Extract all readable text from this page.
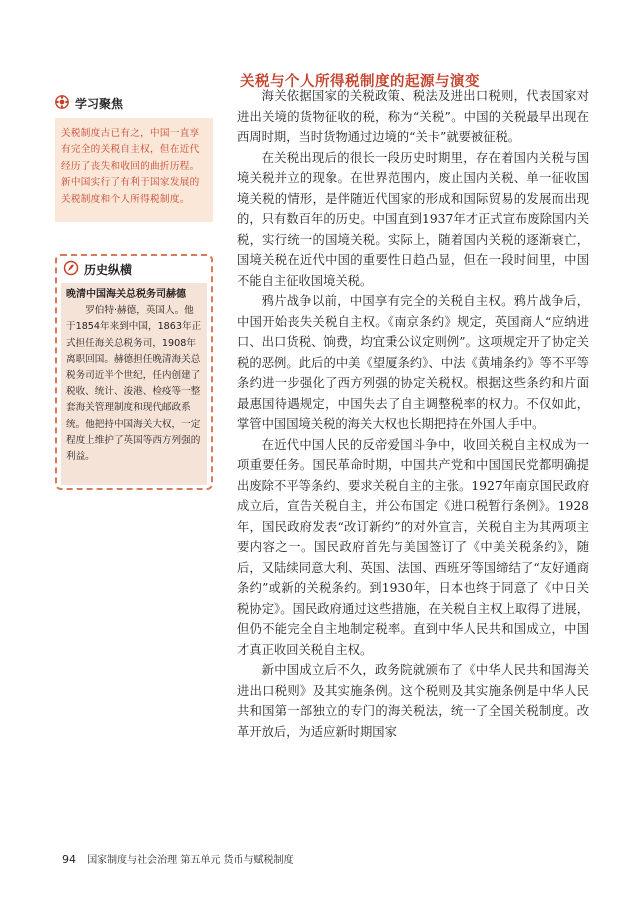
关税与个人所得税制度的起源与演变
学习聚焦
关税制度古已有之，中国一直享有完全的关税自主权，但在近代经历了丧失和收回的曲折历程。新中国实行了有利于国家发展的关税制度和个人所得税制度。
历史纵横
晚清中国海关总税务司赫德
罗伯特·赫德，英国人。他于1854年来到中国，1863年正式担任海关总税务司，1908年离职回国。赫德担任晚清海关总税务司近半个世纪，任内创建了税收、统计、浚港、检疫等一整套海关管理制度和现代邮政系统。他把持中国海关大权，一定程度上维护了英国等西方列强的利益。

海关依据国家的关税政策、税法及进出口税则，代表国家对进出关境的货物征收的税，称为“关税”。中国的关税最早出现在西周时期，当时货物通过边境的“关卡”就要被征税。

在关税出现后的很长一段历史时期里，存在着国内关税与国境关税并立的现象。在世界范围内，废止国内关税、单一征收国境关税的情形，是伴随近代国家的形成和国际贸易的发展而出现的，只有数百年的历史。中国直到1937年才正式宣布废除国内关税，实行统一的国境关税。实际上，随着国内关税的逐渐衰亡，国境关税在近代中国的重要性日趋凸显，但在一段时间里，中国不能自主征收国境关税。

鸦片战争以前，中国享有完全的关税自主权。鸦片战争后，中国开始丧失关税自主权。《南京条约》规定，英国商人“应纳进口、出口货税、饷费，均宜秉公议定则例”。这项规定开了协定关税的恶例。此后的中美《望厦条约》、中法《黄埔条约》等不平等条约进一步强化了西方列强的协定关税权。根据这些条约和片面最惠国待遇规定，中国失去了自主调整税率的权力。不仅如此，掌管中国国境关税的海关大权也长期把持在外国人手中。

在近代中国人民的反帝爱国斗争中，收回关税自主权成为一项重要任务。国民革命时期，中国共产党和中国国民党都明确提出废除不平等条约、要求关税自主的主张。1927年南京国民政府成立后，宣告关税自主，并公布国定《进口税暂行条例》。1928年，国民政府发表“改订新约”的对外宣言，关税自主为其两项主要内容之一。国民政府首先与美国签订了《中美关税条约》，随后，又陆续同意大利、英国、法国、西班牙等国缔结了“友好通商条约”或新的关税条约。到1930年，日本也终于同意了《中日关税协定》。国民政府通过这些措施，在关税自主权上取得了进展，但仍不能完全自主地制定税率。直到中华人民共和国成立，中国才真正收回关税自主权。

新中国成立后不久，政务院就颁布了《中华人民共和国海关进出口税则》及其实施条例。这个税则及其实施条例是中华人民共和国第一部独立的专门的海关税法，统一了全国关税制度。改革开放后，为适应新时期国家

94 国家制度与社会治理 第五单元 货币与赋税制度
